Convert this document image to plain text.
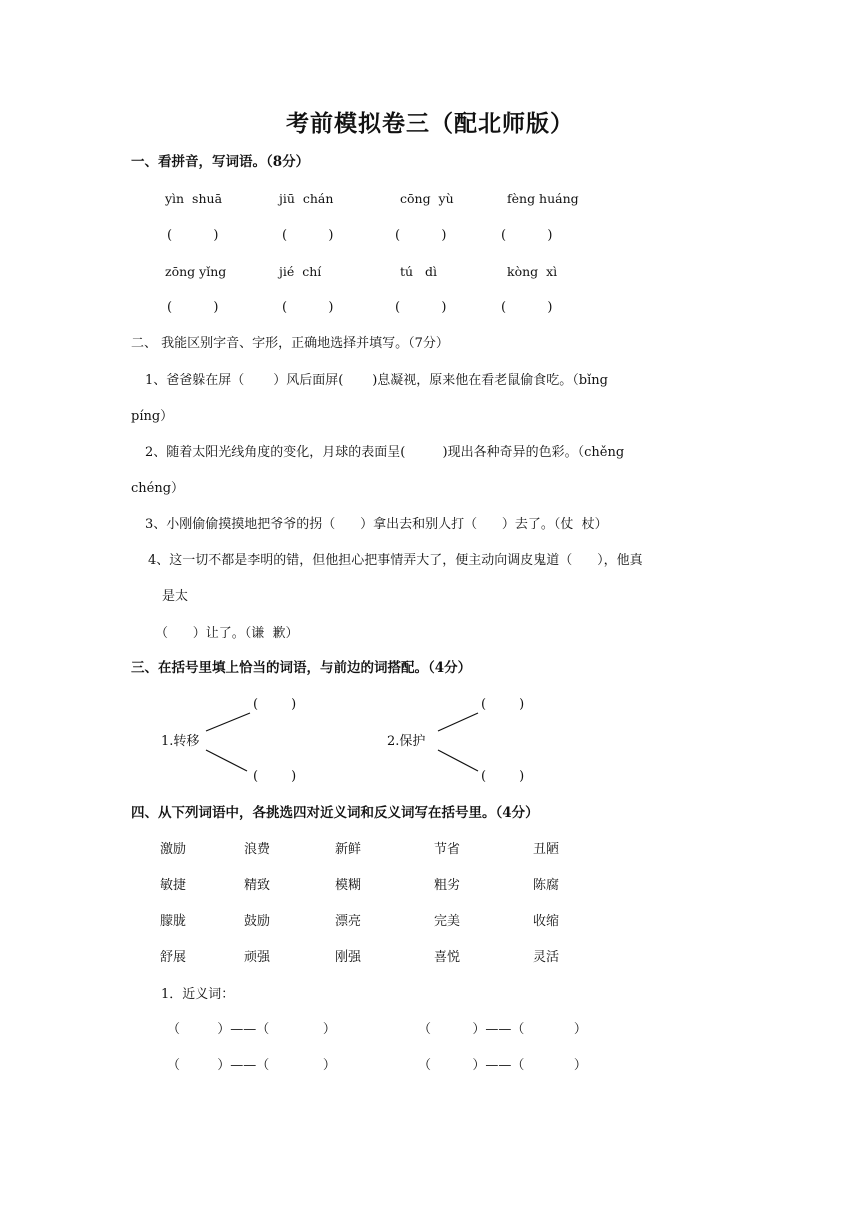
考前模拟卷三（配北师版）
一、看拼音，写词语。（8分）
yìn  shuā	jiū  chán	cōng  yù	fèng huáng
(          )	(          )	(          )	(          )
zōng yǐng	jié  chí	tú   dì	kòng  xì
(          )	(          )	(          )	(          )
二、 我能区别字音、字形，正确地选择并填写。（7分）
1、爸爸躲在屏（       ）风后面屏(       )息凝视，原来他在看老鼠偷食吃。（bǐng
píng）
2、随着太阳光线角度的变化，月球的表面呈(         )现出各种奇异的色彩。（chěng
chéng）
3、小刚偷偷摸摸地把爷爷的拐（      ）拿出去和别人打（      ）去了。（仗  杖）
4、这一切不都是李明的错，但他担心把事情弄大了，便主动向调皮鬼道（      ），他真
是太
（      ）让了。（谦  歉）
三、在括号里填上恰当的词语，与前边的词搭配。（4分）
(        )
1.转移
(        )
(        )
2.保护
(        )
四、从下列词语中，各挑选四对近义词和反义词写在括号里。（4分）
激励	浪费	新鲜	节省	丑陋
敏捷	精致	模糊	粗劣	陈腐
朦胧	鼓励	漂亮	完美	收缩
舒展	顽强	刚强	喜悦	灵活
1．近义词：
（         ）——（             ）	（          ）——（            ）
（         ）——（             ）	（          ）——（            ）
